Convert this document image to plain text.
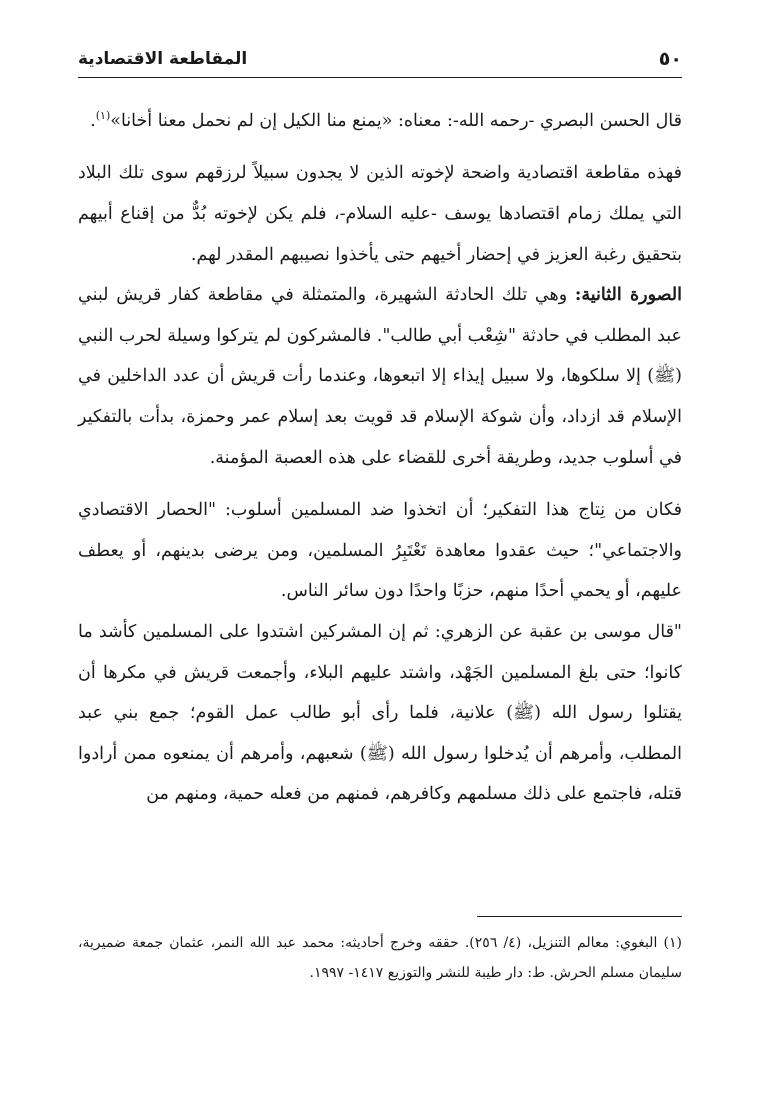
المقاطعة الاقتصادية	٥٠

قال الحسن البصري -رحمه الله-: معناه: «يمنع منا الكيل إن لم نحمل معنا أخانا»$^{(١)}$.

فهذه مقاطعة اقتصادية واضحة لإخوته الذين لا يجدون سبيلاً لرزقهم سوى تلك البلاد التي يملك زمام اقتصادها يوسف -عليه السلام-، فلم يكن لإخوته بُدٌّ من إقناع أبيهم بتحقيق رغبة العزيز في إحضار أخيهم حتى يأخذوا نصيبهم المقدر لهم.

الصورة الثانية: وهي تلك الحادثة الشهيرة، والمتمثلة في مقاطعة كفار قريش لبني عبد المطلب في حادثة "شِعْب أبي طالب". فالمشركون لم يتركوا وسيلة لحرب النبي (ﷺ) إلا سلكوها، ولا سبيل إيذاء إلا اتبعوها، وعندما رأت قريش أن عدد الداخلين في الإسلام قد ازداد، وأن شوكة الإسلام قد قويت بعد إسلام عمر وحمزة، بدأت بالتفكير في أسلوب جديد، وطريقة أخرى للقضاء على هذه العصبة المؤمنة.

فكان من نِتاج هذا التفكير؛ أن اتخذوا ضد المسلمين أسلوب: "الحصار الاقتصادي والاجتماعي"؛ حيث عقدوا معاهدة تَعْتَبِرُ المسلمين، ومن يرضى بدينهم، أو يعطف عليهم، أو يحمي أحدًا منهم، حزبًا واحدًا دون سائر الناس.

"قال موسى بن عقبة عن الزهري: ثم إن المشركين اشتدوا على المسلمين كأشد ما كانوا؛ حتى بلغ المسلمين الجَهْد، واشتد عليهم البلاء، وأجمعت قريش في مكرها أن يقتلوا رسول الله (ﷺ) علانية، فلما رأى أبو طالب عمل القوم؛ جمع بني عبد المطلب، وأمرهم أن يُدخلوا رسول الله (ﷺ) شعبهم، وأمرهم أن يمنعوه ممن أرادوا قتله، فاجتمع على ذلك مسلمهم وكافرهم، فمنهم من فعله حمية، ومنهم من

(١) البغوي: معالم التنزيل، (٤/ ٢٥٦). حققه وخرج أحاديثه: محمد عبد الله النمر، عثمان جمعة ضميرية، سليمان مسلم الحرش. ط: دار طيبة للنشر والتوزيع ١٤١٧- ١٩٩٧.
